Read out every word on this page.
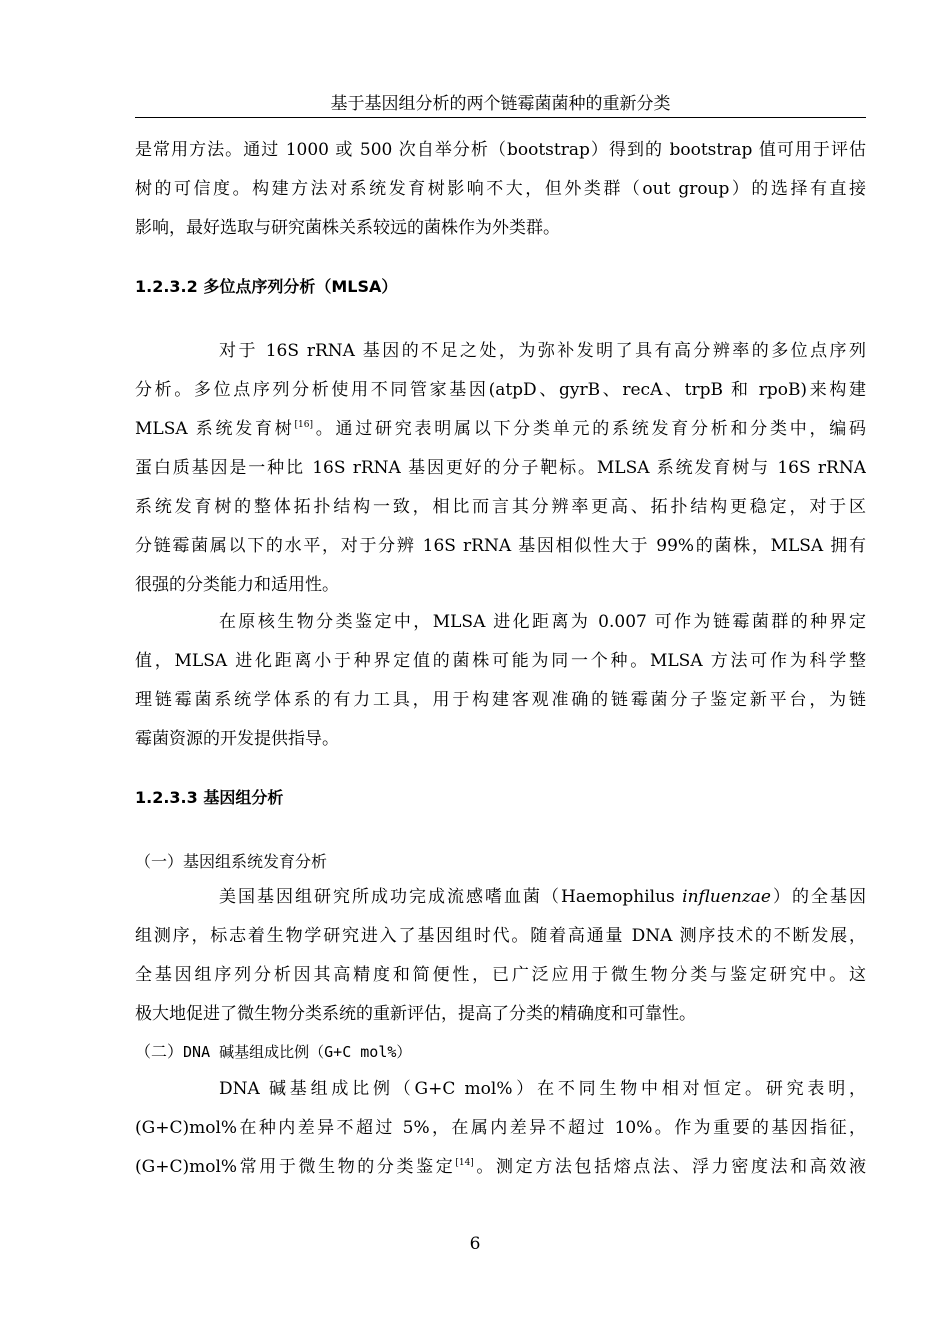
基于基因组分析的两个链霉菌菌种的重新分类
是常用方法。通过 1000 或 500 次自举分析（bootstrap）得到的 bootstrap 值可用于评估
树的可信度。构建方法对系统发育树影响不大，但外类群（out group）的选择有直接
影响，最好选取与研究菌株关系较远的菌株作为外类群。
1.2.3.2 多位点序列分析（MLSA）
对于 16S rRNA 基因的不足之处，为弥补发明了具有高分辨率的多位点序列
分析。多位点序列分析使用不同管家基因(atpD、gyrB、recA、trpB 和 rpoB)来构建
MLSA 系统发育树[16]。通过研究表明属以下分类单元的系统发育分析和分类中，编码
蛋白质基因是一种比 16S rRNA 基因更好的分子靶标。MLSA 系统发育树与 16S rRNA
系统发育树的整体拓扑结构一致，相比而言其分辨率更高、拓扑结构更稳定，对于区
分链霉菌属以下的水平，对于分辨 16S rRNA 基因相似性大于 99%的菌株，MLSA 拥有
很强的分类能力和适用性。
在原核生物分类鉴定中，MLSA 进化距离为 0.007 可作为链霉菌群的种界定
值，MLSA 进化距离小于种界定值的菌株可能为同一个种。MLSA 方法可作为科学整
理链霉菌系统学体系的有力工具，用于构建客观准确的链霉菌分子鉴定新平台，为链
霉菌资源的开发提供指导。
1.2.3.3 基因组分析
（一）基因组系统发育分析
美国基因组研究所成功完成流感嗜血菌（Haemophilus influenzae）的全基因
组测序，标志着生物学研究进入了基因组时代。随着高通量 DNA 测序技术的不断发展，
全基因组序列分析因其高精度和简便性，已广泛应用于微生物分类与鉴定研究中。这
极大地促进了微生物分类系统的重新评估，提高了分类的精确度和可靠性。
（二）DNA 碱基组成比例（G+C mol%）
DNA 碱基组成比例（G+C mol%）在不同生物中相对恒定。研究表明，
(G+C)mol%在种内差异不超过 5%，在属内差异不超过 10%。作为重要的基因指征，
(G+C)mol%常用于微生物的分类鉴定[14]。测定方法包括熔点法、浮力密度法和高效液
6
